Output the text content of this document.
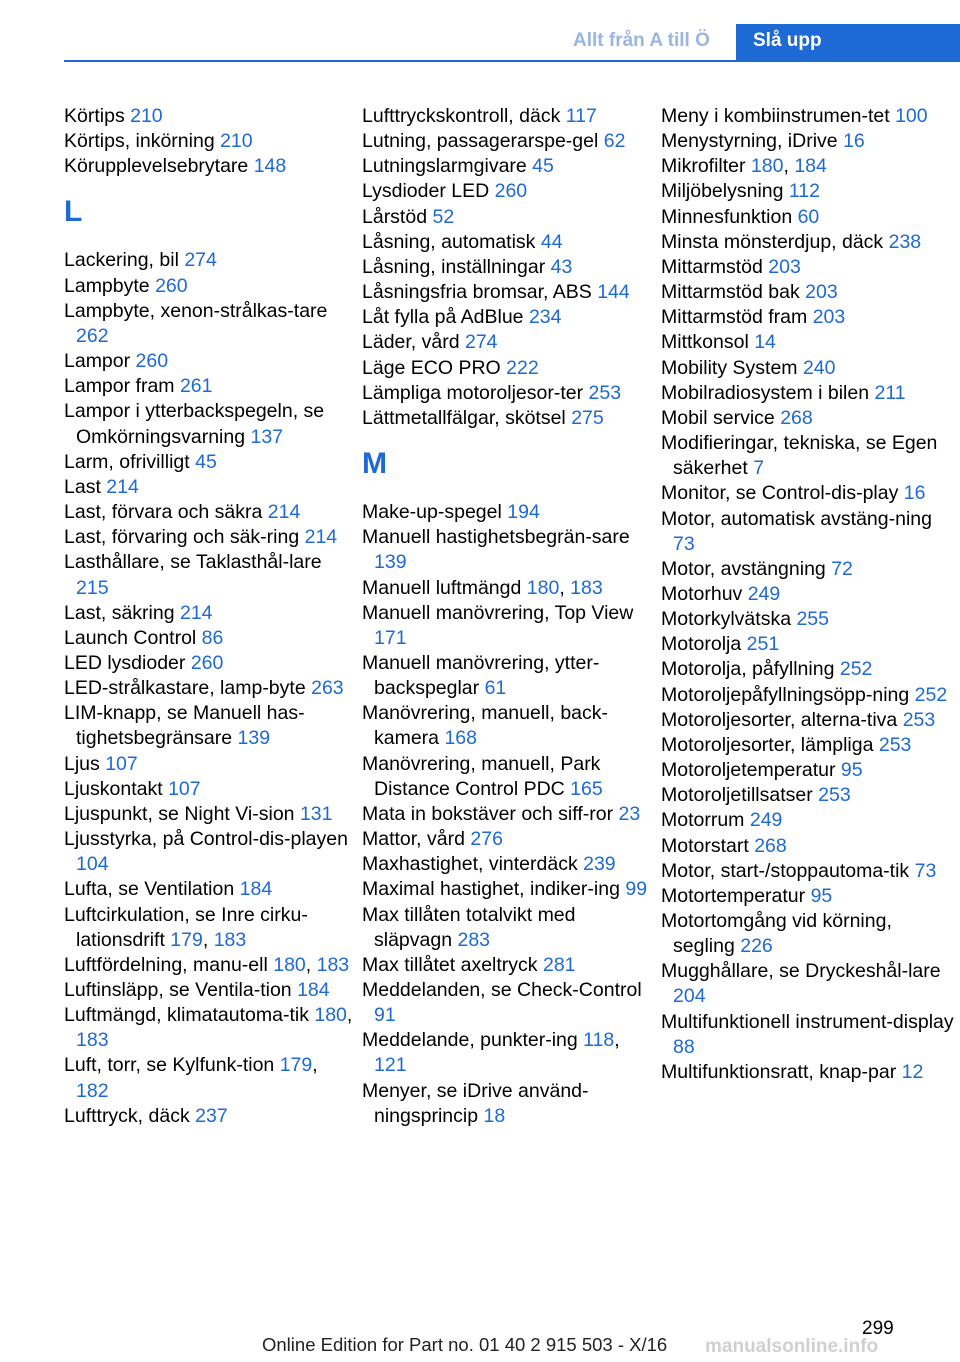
Allt från A till Ö	Slå upp
Körtips 210
Körtips, inkörning 210
Körupplevelsebrytare 148
L
Lackering, bil 274
Lampbyte 260
Lampbyte, xenon-strålkas-tare 262
Lampor 260
Lampor fram 261
Lampor i ytterbackspegeln, se Omkörningsvarning 137
Larm, ofrivilligt 45
Last 214
Last, förvara och säkra 214
Last, förvaring och säk-ring 214
Lasthållare, se Taklasthål-lare 215
Last, säkring 214
Launch Control 86
LED lysdioder 260
LED-strålkastare, lamp-byte 263
LIM-knapp, se Manuell has-tighetsbegränsare 139
Ljus 107
Ljuskontakt 107
Ljuspunkt, se Night Vi-sion 131
Ljusstyrka, på Control-dis-playen 104
Lufta, se Ventilation 184
Luftcirkulation, se Inre cirku-lationsdrift 179, 183
Luftfördelning, manu-ell 180, 183
Luftinsläpp, se Ventila-tion 184
Luftmängd, klimatautoma-tik 180, 183
Luft, torr, se Kylfunk-tion 179, 182
Lufttryck, däck 237
Lufttryckskontroll, däck 117
Lutning, passagerarspe-gel 62
Lutningslarmgivare 45
Lysdioder LED 260
Lårstöd 52
Låsning, automatisk 44
Låsning, inställningar 43
Låsningsfria bromsar, ABS 144
Låt fylla på AdBlue 234
Läder, vård 274
Läge ECO PRO 222
Lämpliga motoroljesor-ter 253
Lättmetallfälgar, skötsel 275
M
Make-up-spegel 194
Manuell hastighetsbegrän-sare 139
Manuell luftmängd 180, 183
Manuell manövrering, Top View 171
Manuell manövrering, ytter-backspeglar 61
Manövrering, manuell, back-kamera 168
Manövrering, manuell, Park Distance Control PDC 165
Mata in bokstäver och siff-ror 23
Mattor, vård 276
Maxhastighet, vinterdäck 239
Maximal hastighet, indiker-ing 99
Max tillåten totalvikt med släpvagn 283
Max tillåtet axeltryck 281
Meddelanden, se Check-Control 91
Meddelande, punkter-ing 118, 121
Menyer, se iDrive använd-ningsprincip 18
Meny i kombiinstrumen-tet 100
Menystyrning, iDrive 16
Mikrofilter 180, 184
Miljöbelysning 112
Minnesfunktion 60
Minsta mönsterdjup, däck 238
Mittarmstöd 203
Mittarmstöd bak 203
Mittarmstöd fram 203
Mittkonsol 14
Mobility System 240
Mobilradiosystem i bilen 211
Mobil service 268
Modifieringar, tekniska, se Egen säkerhet 7
Monitor, se Control-dis-play 16
Motor, automatisk avstäng-ning 73
Motor, avstängning 72
Motorhuv 249
Motorkylvätska 255
Motorolja 251
Motorolja, påfyllning 252
Motoroljepåfyllningsöpp-ning 252
Motoroljesorter, alterna-tiva 253
Motoroljesorter, lämpliga 253
Motoroljetemperatur 95
Motoroljetillsatser 253
Motorrum 249
Motorstart 268
Motor, start-/stoppautoma-tik 73
Motortemperatur 95
Motortomgång vid körning, segling 226
Mugghållare, se Dryckeshål-lare 204
Multifunktionell instrument-display 88
Multifunktionsratt, knap-par 12
299
Online Edition for Part no. 01 40 2 915 503 - X/16 manualsonline.info
